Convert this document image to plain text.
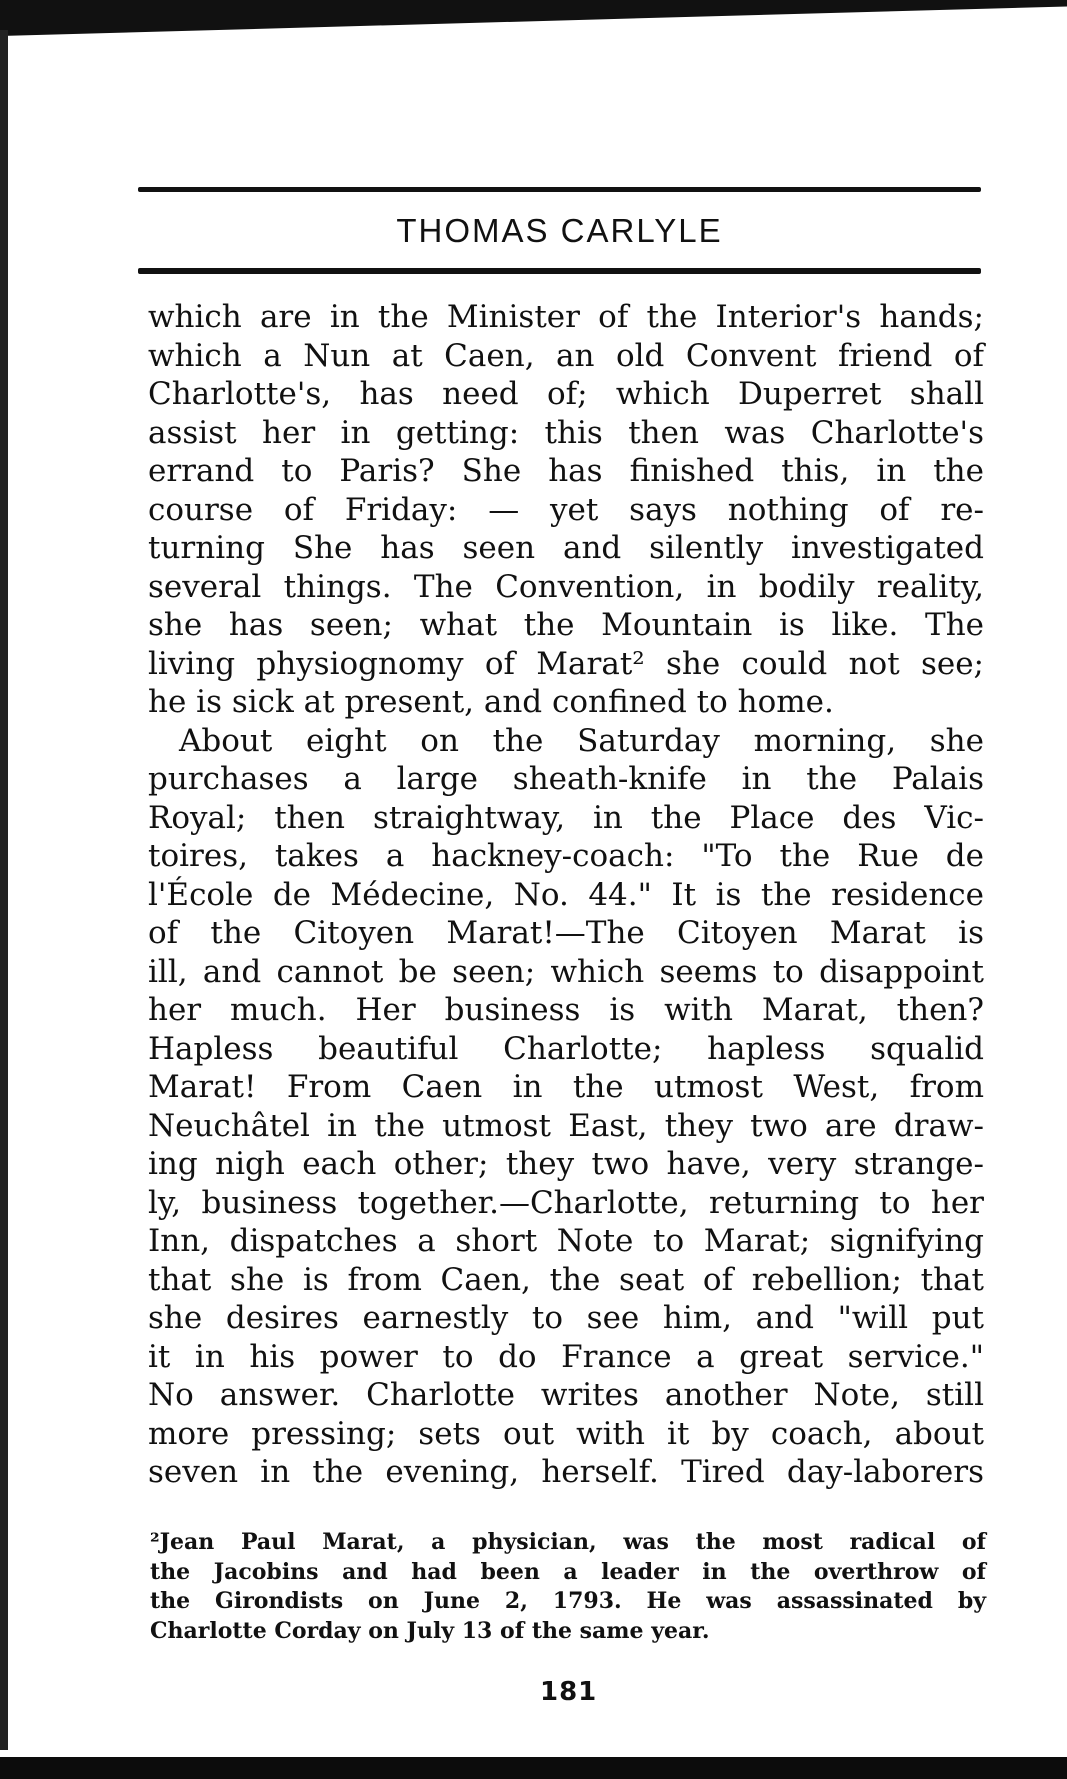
THOMAS CARLYLE

which are in the Minister of the Interior's hands;

which a Nun at Caen, an old Convent friend of

Charlotte's, has need of; which Duperret shall

assist her in getting: this then was Charlotte's

errand to Paris? She has finished this, in the

course of Friday: — yet says nothing of re-

turning She has seen and silently investigated

several things. The Convention, in bodily reality,

she has seen; what the Mountain is like. The

living physiognomy of Marat² she could not see;

he is sick at present, and confined to home.

 About eight on the Saturday morning, she

purchases a large sheath-knife in the Palais

Royal; then straightway, in the Place des Vic-

toires, takes a hackney-coach: "To the Rue de

l'École de Médecine, No. 44." It is the residence

of the Citoyen Marat!—The Citoyen Marat is

ill, and cannot be seen; which seems to disappoint

her much. Her business is with Marat, then?

Hapless beautiful Charlotte; hapless squalid

Marat! From Caen in the utmost West, from

Neuchâtel in the utmost East, they two are draw-

ing nigh each other; they two have, very strange-

ly, business together.—Charlotte, returning to her

Inn, dispatches a short Note to Marat; signifying

that she is from Caen, the seat of rebellion; that

she desires earnestly to see him, and "will put

it in his power to do France a great service."

No answer. Charlotte writes another Note, still

more pressing; sets out with it by coach, about

seven in the evening, herself. Tired day-laborers

²Jean Paul Marat, a physician, was the most radical of

the Jacobins and had been a leader in the overthrow of

the Girondists on June 2, 1793. He was assassinated by

Charlotte Corday on July 13 of the same year.

181
